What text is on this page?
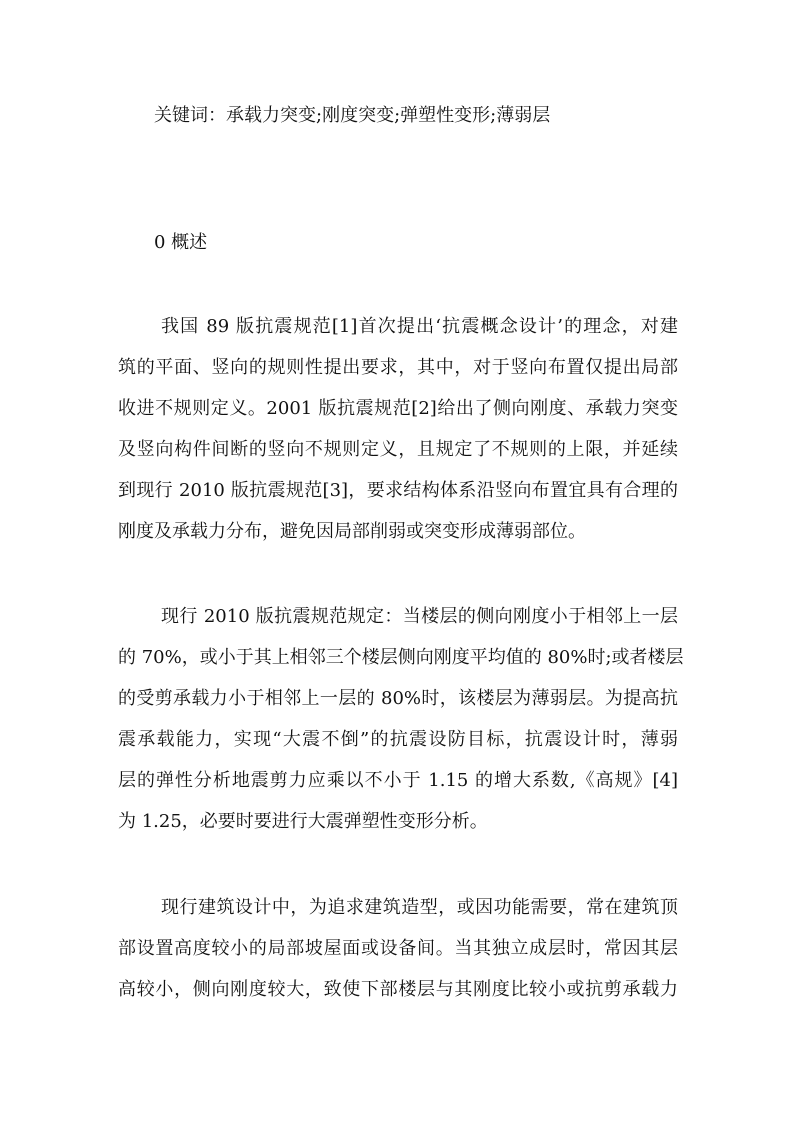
关键词：承载力突变;刚度突变;弹塑性变形;薄弱层
0 概述
我国 89 版抗震规范[1]首次提出‘抗震概念设计’的理念，对建
筑的平面、竖向的规则性提出要求，其中，对于竖向布置仅提出局部
收进不规则定义。2001 版抗震规范[2]给出了侧向刚度、承载力突变
及竖向构件间断的竖向不规则定义，且规定了不规则的上限，并延续
到现行 2010 版抗震规范[3]，要求结构体系沿竖向布置宜具有合理的
刚度及承载力分布，避免因局部削弱或突变形成薄弱部位。
现行 2010 版抗震规范规定：当楼层的侧向刚度小于相邻上一层
的 70%，或小于其上相邻三个楼层侧向刚度平均值的 80%时;或者楼层
的受剪承载力小于相邻上一层的 80%时，该楼层为薄弱层。为提高抗
震承载能力，实现“大震不倒”的抗震设防目标，抗震设计时，薄弱
层的弹性分析地震剪力应乘以不小于 1.15 的增大系数,《高规》[4]
为 1.25，必要时要进行大震弹塑性变形分析。
现行建筑设计中，为追求建筑造型，或因功能需要，常在建筑顶
部设置高度较小的局部坡屋面或设备间。当其独立成层时，常因其层
高较小，侧向刚度较大，致使下部楼层与其刚度比较小或抗剪承载力
